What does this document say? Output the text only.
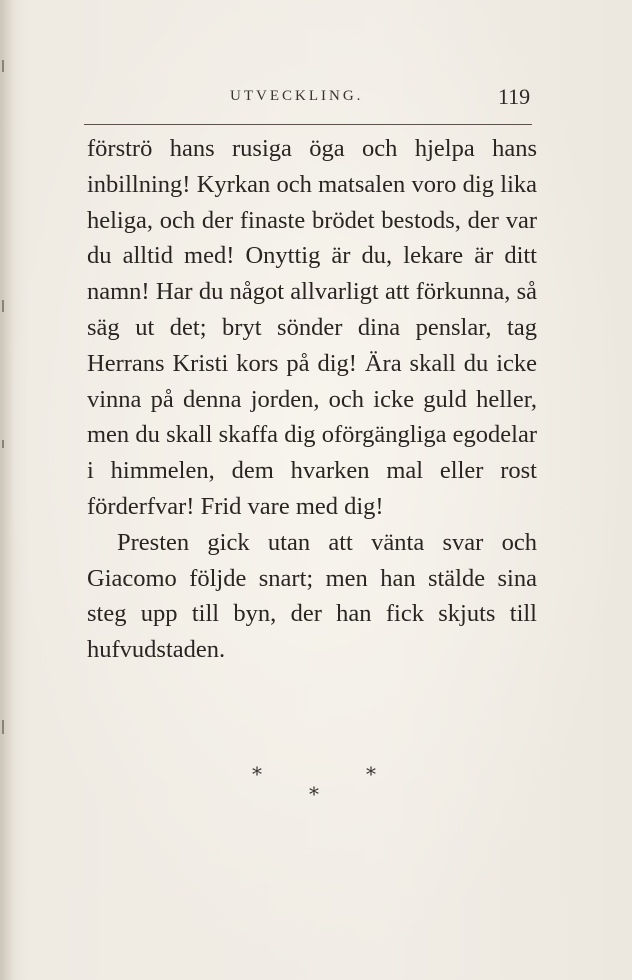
UTVECKLING.	119

förströ hans rusiga öga och hjelpa hans inbillning! Kyrkan och matsalen voro dig lika heliga, och der finaste brödet bestods, der var du alltid med! Onyttig är du, lekare är ditt namn! Har du något allvarligt att förkunna, så säg ut det; bryt sönder dina penslar, tag Herrans Kristi kors på dig! Ära skall du icke vinna på denna jorden, och icke guld heller, men du skall skaffa dig oförgängliga egodelar i himmelen, dem hvarken mal eller rost förderfvar! Frid vare med dig!

Presten gick utan att vänta svar och Giacomo följde snart; men han stälde sina steg upp till byn, der han fick skjuts till hufvudstaden.

*	*
*
